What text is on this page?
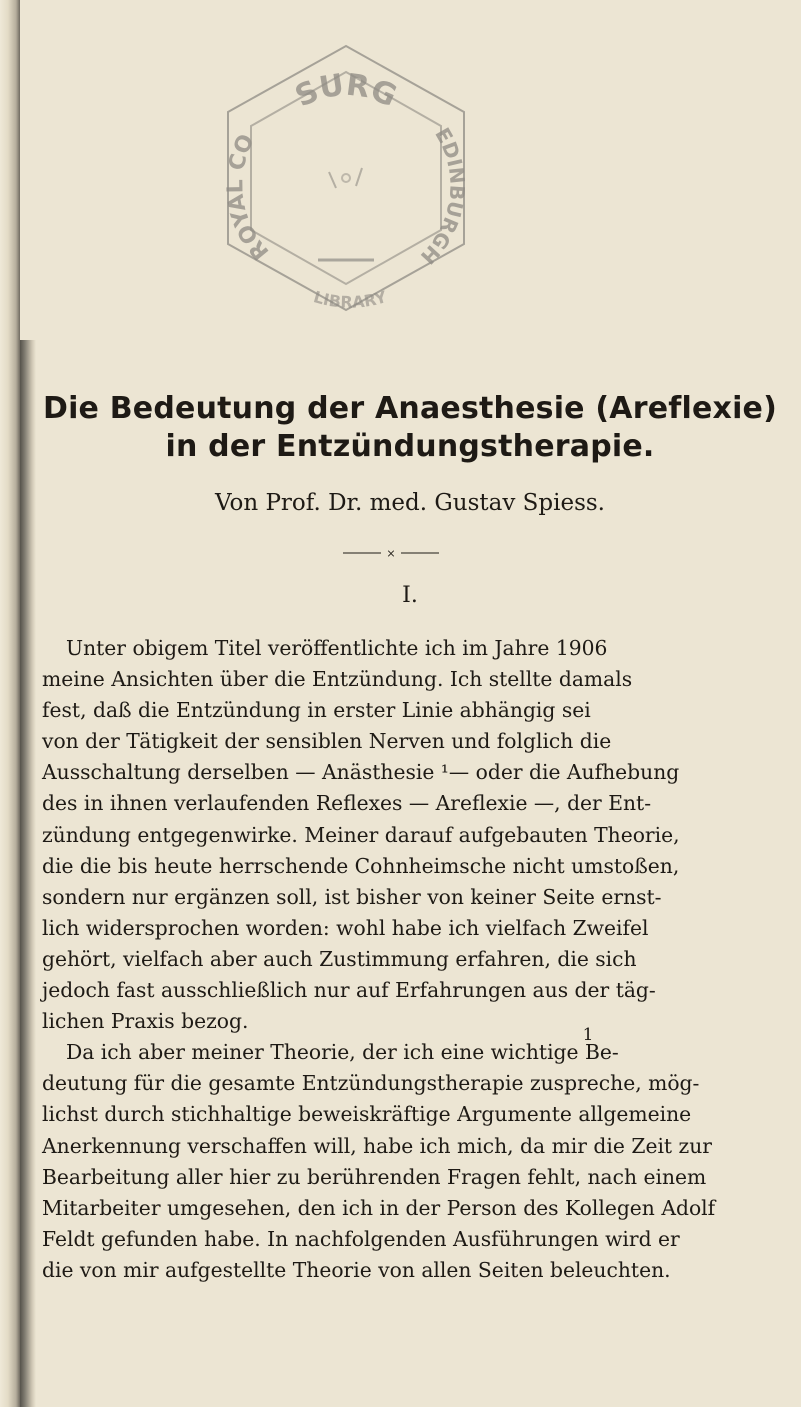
SURG
ROYAL CO	EDINBURGH
LIBRARY
Die Bedeutung der Anaesthesie (Areflexie)
in der Entzündungstherapie.
Von Prof. Dr. med. Gustav Spiess.
×
I.
Unter obigem Titel veröffentlichte ich im Jahre 1906
meine Ansichten über die Entzündung. Ich stellte damals
fest, daß die Entzündung in erster Linie abhängig sei
von der Tätigkeit der sensiblen Nerven und folglich die
Ausschaltung derselben — Anästhesie ¹— oder die Aufhebung
des in ihnen verlaufenden Reflexes — Areflexie —, der Ent-
zündung entgegenwirke. Meiner darauf aufgebauten Theorie,
die die bis heute herrschende Cohnheimsche nicht umstoßen,
sondern nur ergänzen soll, ist bisher von keiner Seite ernst-
lich widersprochen worden: wohl habe ich vielfach Zweifel
gehört, vielfach aber auch Zustimmung erfahren, die sich
jedoch fast ausschließlich nur auf Erfahrungen aus der täg-
lichen Praxis bezog.
Da ich aber meiner Theorie, der ich eine wichtige Be-
deutung für die gesamte Entzündungstherapie zuspreche, mög-
lichst durch stichhaltige beweiskräftige Argumente allgemeine
Anerkennung verschaffen will, habe ich mich, da mir die Zeit zur
Bearbeitung aller hier zu berührenden Fragen fehlt, nach einem
Mitarbeiter umgesehen, den ich in der Person des Kollegen Adolf
Feldt gefunden habe. In nachfolgenden Ausführungen wird er
die von mir aufgestellte Theorie von allen Seiten beleuchten.
1
